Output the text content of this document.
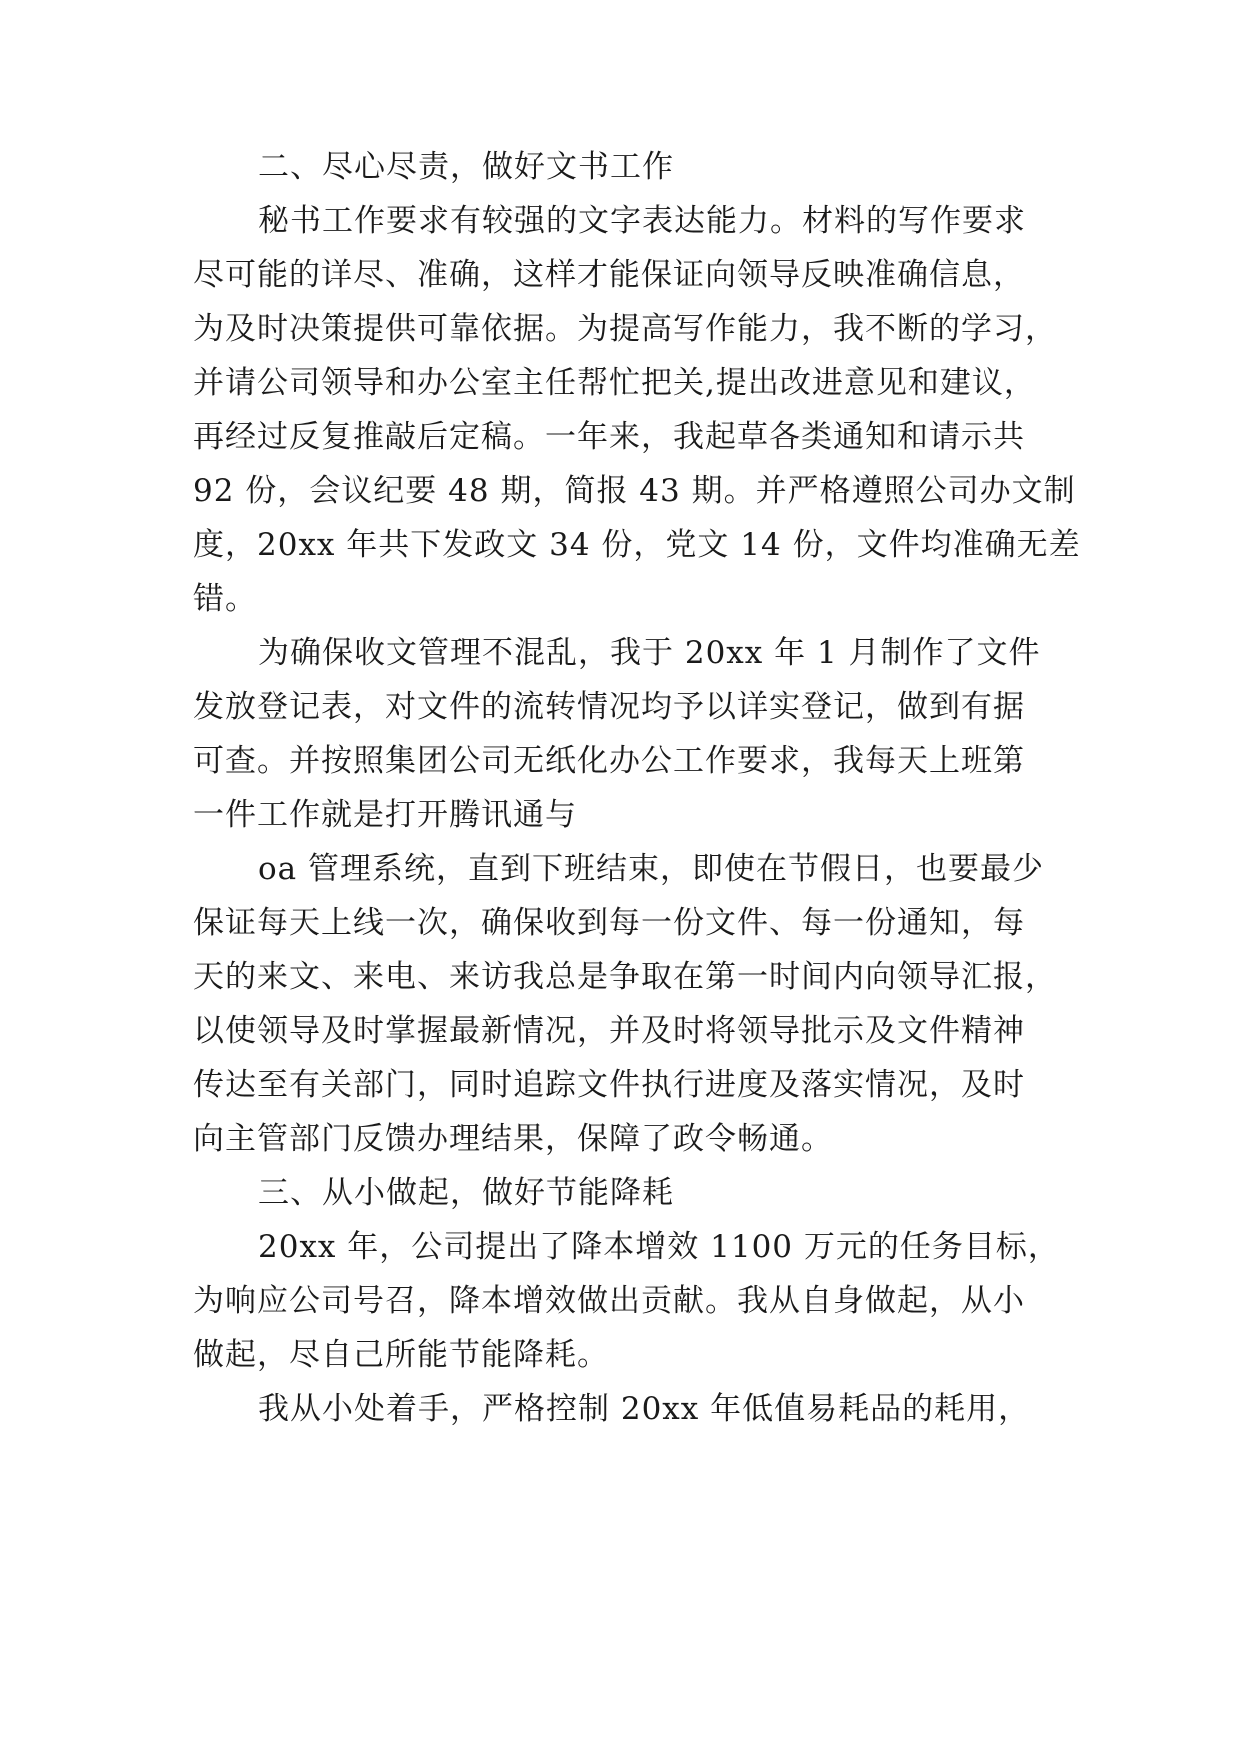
二、尽心尽责，做好文书工作
秘书工作要求有较强的文字表达能力。材料的写作要求
尽可能的详尽、准确，这样才能保证向领导反映准确信息，
为及时决策提供可靠依据。为提高写作能力，我不断的学习，
并请公司领导和办公室主任帮忙把关,提出改进意见和建议，
再经过反复推敲后定稿。一年来，我起草各类通知和请示共
92 份，会议纪要 48 期，简报 43 期。并严格遵照公司办文制
度，20xx 年共下发政文 34 份，党文 14 份，文件均准确无差
错。
为确保收文管理不混乱，我于 20xx 年 1 月制作了文件
发放登记表，对文件的流转情况均予以详实登记，做到有据
可查。并按照集团公司无纸化办公工作要求，我每天上班第
一件工作就是打开腾讯通与
oa 管理系统，直到下班结束，即使在节假日，也要最少
保证每天上线一次，确保收到每一份文件、每一份通知，每
天的来文、来电、来访我总是争取在第一时间内向领导汇报，
以使领导及时掌握最新情况，并及时将领导批示及文件精神
传达至有关部门，同时追踪文件执行进度及落实情况，及时
向主管部门反馈办理结果，保障了政令畅通。
三、从小做起，做好节能降耗
20xx 年，公司提出了降本增效 1100 万元的任务目标，
为响应公司号召，降本增效做出贡献。我从自身做起，从小
做起，尽自己所能节能降耗。
我从小处着手，严格控制 20xx 年低值易耗品的耗用，
